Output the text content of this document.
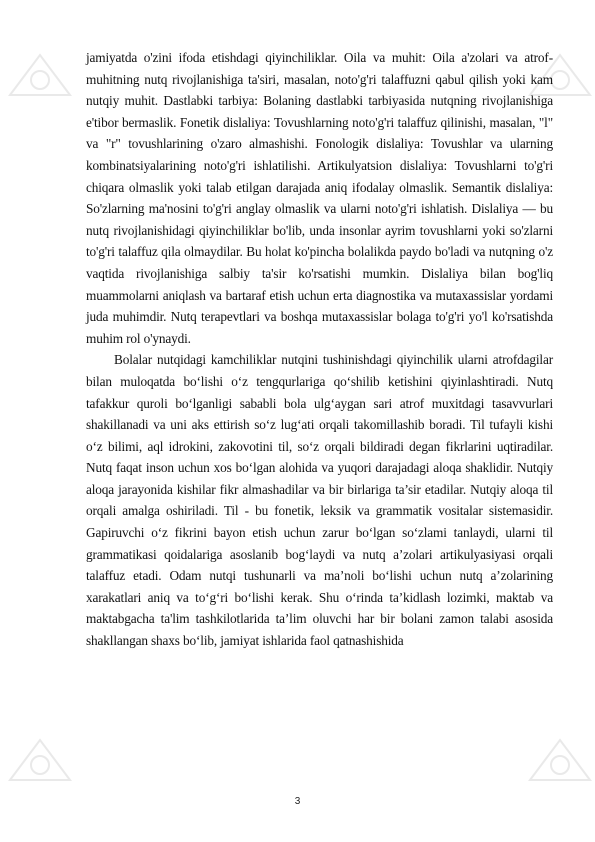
jamiyatda o'zini ifoda etishdagi qiyinchiliklar. Oila va muhit: Oila a'zolari va atrof-muhitning nutq rivojlanishiga ta'siri, masalan, noto'g'ri talaffuzni qabul qilish yoki kam nutqiy muhit. Dastlabki tarbiya: Bolaning dastlabki tarbiyasida nutqning rivojlanishiga e'tibor bermaslik. Fonetik dislaliya: Tovushlarning noto'g'ri talaffuz qilinishi, masalan, "l" va "r" tovushlarining o'zaro almashishi. Fonologik dislaliya: Tovushlar va ularning kombinatsiyalarining noto'g'ri ishlatilishi. Artikulyatsion dislaliya: Tovushlarni to'g'ri chiqara olmaslik yoki talab etilgan darajada aniq ifodalay olmaslik. Semantik dislaliya: So'zlarning ma'nosini to'g'ri anglay olmaslik va ularni noto'g'ri ishlatish. Dislaliya — bu nutq rivojlanishidagi qiyinchiliklar bo'lib, unda insonlar ayrim tovushlarni yoki so'zlarni to'g'ri talaffuz qila olmaydilar. Bu holat ko'pincha bolalikda paydo bo'ladi va nutqning o'z vaqtida rivojlanishiga salbiy ta'sir ko'rsatishi mumkin. Dislaliya bilan bog'liq muammolarni aniqlash va bartaraf etish uchun erta diagnostika va mutaxassislar yordami juda muhimdir. Nutq terapevtlari va boshqa mutaxassislar bolaga to'g'ri yo'l ko'rsatishda muhim rol o'ynaydi.

Bolalar nutqidagi kamchiliklar nutqini tushinishdagi qiyinchilik ularni atrofdagilar bilan muloqatda bo‘lishi o‘z tengqurlariga qo‘shilib ketishini qiyinlashtiradi. Nutq tafakkur quroli bo‘lganligi sababli bola ulg‘aygan sari atrof muxitdagi tasavvurlari shakillanadi va uni aks ettirish so‘z lug‘ati orqali takomillashib boradi. Til tufayli kishi o‘z bilimi, aql idrokini, zakovotini til, so‘z orqali bildiradi degan fikrlarini uqtiradilar. Nutq faqat inson uchun xos bo‘lgan alohida va yuqori darajadagi aloqa shaklidir. Nutqiy aloqa jarayonida kishilar fikr almashadilar va bir birlariga ta’sir etadilar. Nutqiy aloqa til orqali amalga oshiriladi. Til - bu fonetik, leksik va grammatik vositalar sistemasidir. Gapiruvchi o‘z fikrini bayon etish uchun zarur bo‘lgan so‘zlami tanlaydi, ularni til grammatikasi qoidalariga asoslanib bog‘laydi va nutq a’zolari artikulyasiyasi orqali talaffuz etadi. Odam nutqi tushunarli va ma’noli bo‘lishi uchun nutq a’zolarining xarakatlari aniq va to‘g‘ri bo‘lishi kerak. Shu o‘rinda ta’kidlash lozimki, maktab va maktabgacha ta'lim tashkilotlarida ta’lim oluvchi har bir bolani zamon talabi asosida shakllangan shaxs bo‘lib, jamiyat ishlarida faol qatnashishida

3
